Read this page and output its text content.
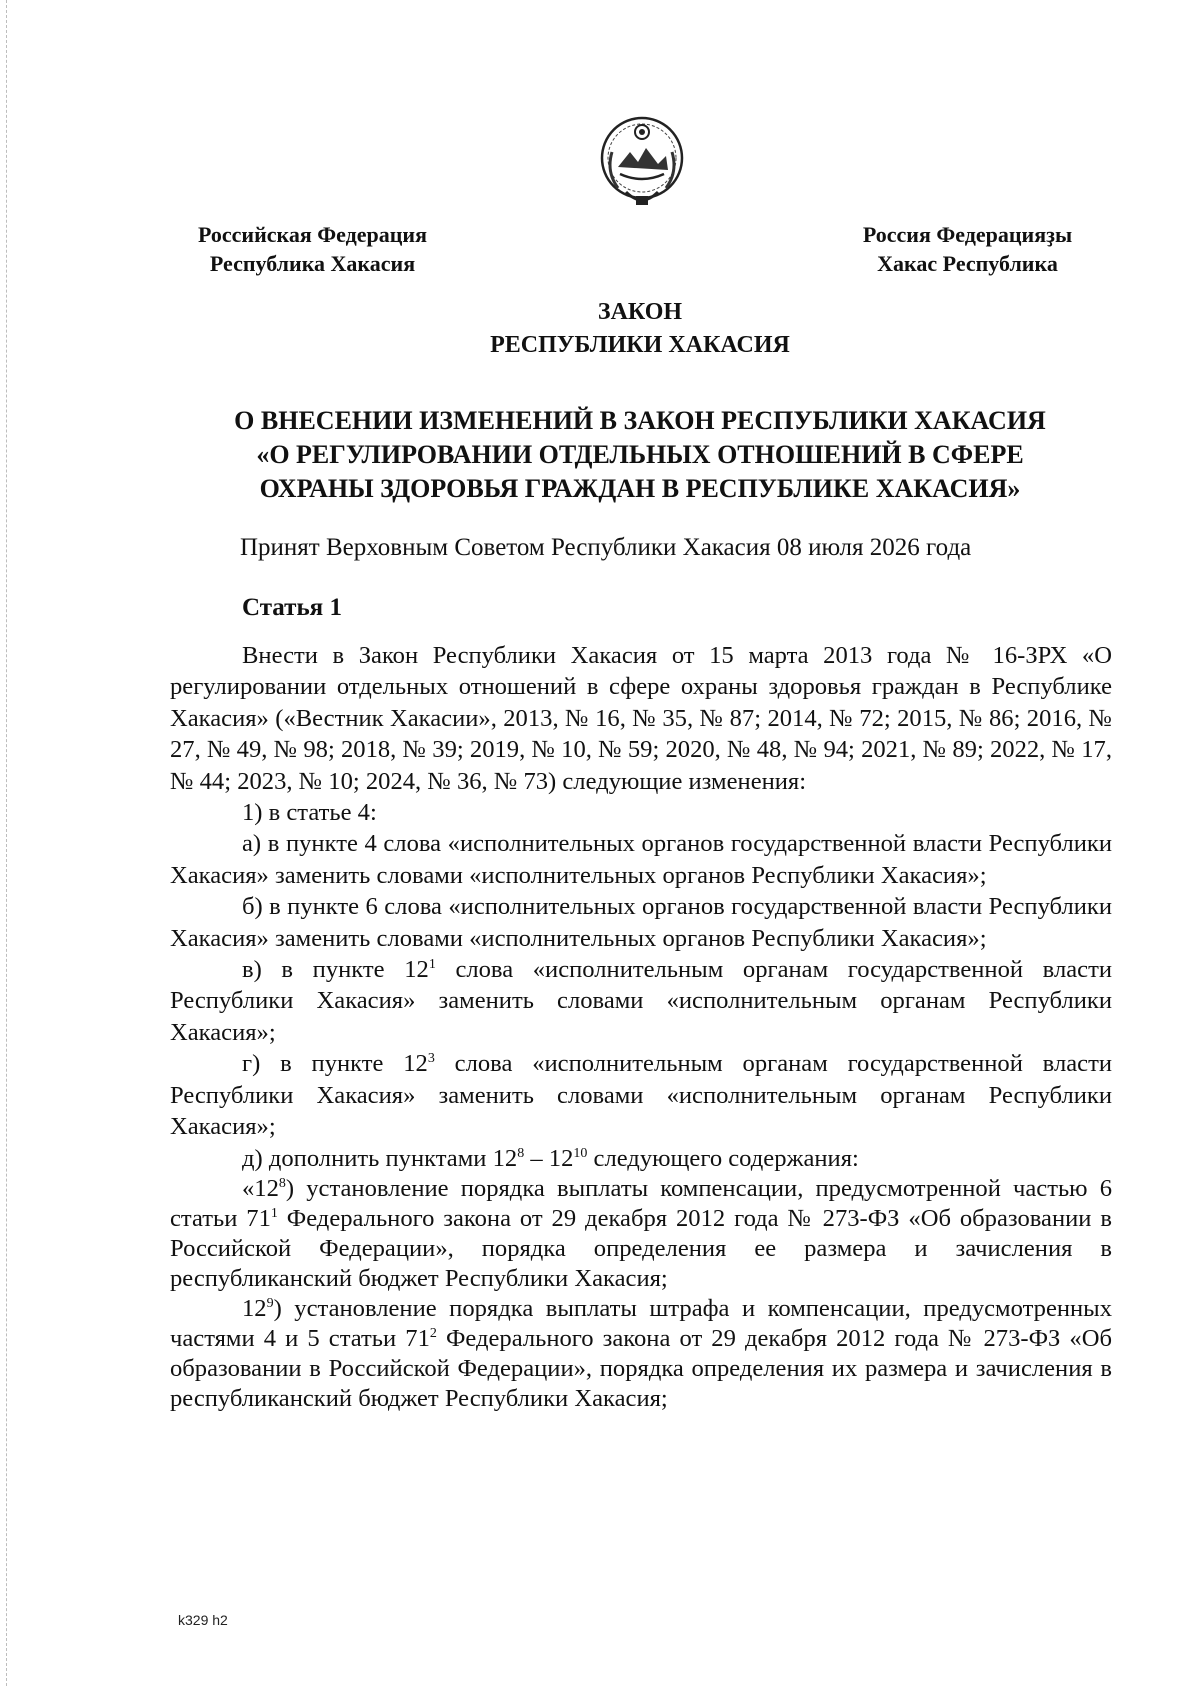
Российская Федерация
Республика Хакасия
Россия Федерацияҙы
Хакас Республика
ЗАКОН
РЕСПУБЛИКИ ХАКАСИЯ
О ВНЕСЕНИИ ИЗМЕНЕНИЙ В ЗАКОН РЕСПУБЛИКИ ХАКАСИЯ
«О РЕГУЛИРОВАНИИ ОТДЕЛЬНЫХ ОТНОШЕНИЙ В СФЕРЕ
ОХРАНЫ ЗДОРОВЬЯ ГРАЖДАН В РЕСПУБЛИКЕ ХАКАСИЯ»
Принят Верховным Советом Республики Хакасия 08 июля 2026 года
Статья 1

Внести в Закон Республики Хакасия от 15 марта 2013 года № 16-ЗРХ «О регулировании отдельных отношений в сфере охраны здоровья граждан в Республике Хакасия» («Вестник Хакасии», 2013, № 16, № 35, № 87; 2014, № 72; 2015, № 86; 2016, № 27, № 49, № 98; 2018, № 39; 2019, № 10, № 59; 2020, № 48, № 94; 2021, № 89; 2022, № 17, № 44; 2023, № 10; 2024, № 36, № 73) следующие изменения:

1) в статье 4:

а) в пункте 4 слова «исполнительных органов государственной власти Республики Хакасия» заменить словами «исполнительных органов Республики Хакасия»;

б) в пункте 6 слова «исполнительных органов государственной власти Республики Хакасия» заменить словами «исполнительных органов Республики Хакасия»;

в) в пункте $12^1$ слова «исполнительным органам государственной власти Республики Хакасия» заменить словами «исполнительным органам Республики Хакасия»;

г) в пункте $12^3$ слова «исполнительным органам государственной власти Республики Хакасия» заменить словами «исполнительным органам Республики Хакасия»;

д) дополнить пунктами $12^8 - 12^{10}$ следующего содержания:

«$12^8$) установление порядка выплаты компенсации, предусмотренной частью 6 статьи $71^1$ Федерального закона от 29 декабря 2012 года № 273-ФЗ «Об образовании в Российской Федерации», порядка определения ее размера и зачисления в республиканский бюджет Республики Хакасия;

$12^9$) установление порядка выплаты штрафа и компенсации, предусмотренных частями 4 и 5 статьи $71^2$ Федерального закона от 29 декабря 2012 года № 273-ФЗ «Об образовании в Российской Федерации», порядка определения их размера и зачисления в республиканский бюджет Республики Хакасия;

k329 h2
